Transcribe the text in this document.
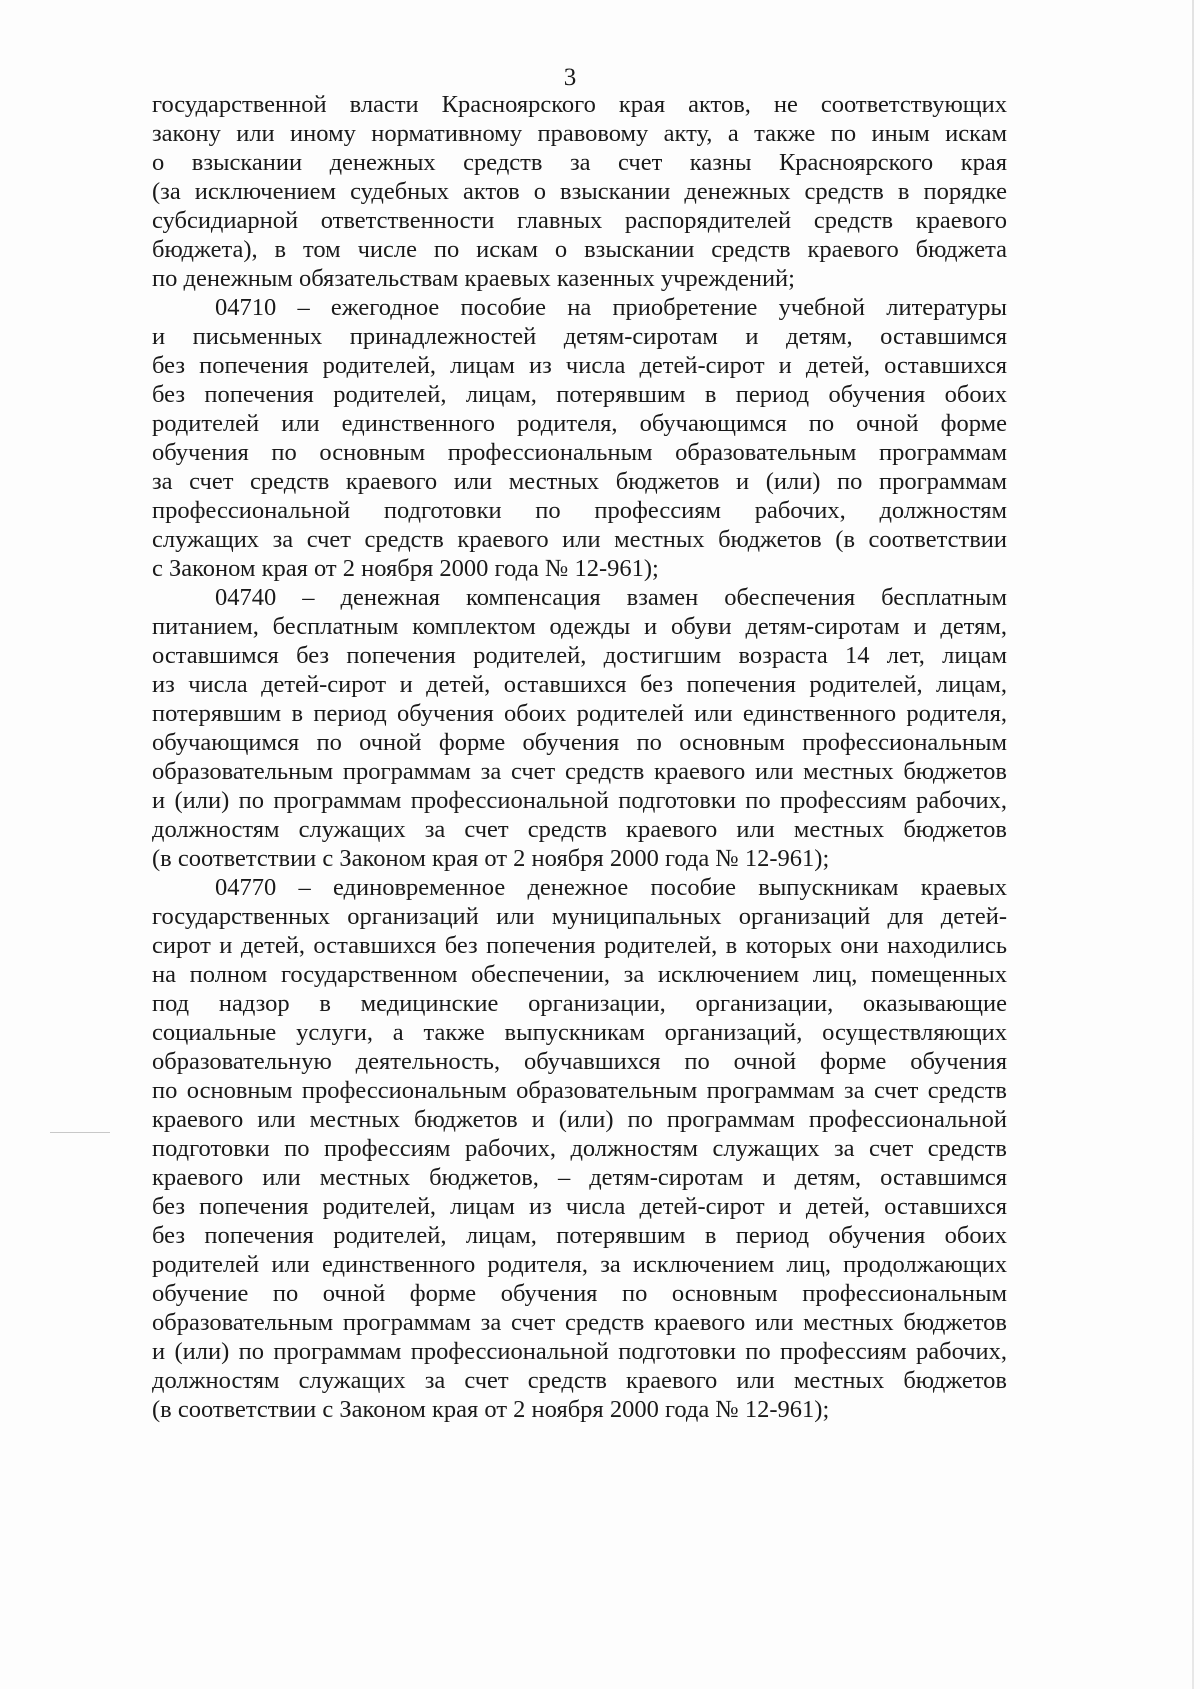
3
государственной власти Красноярского края актов, не соответствующих
закону или иному нормативному правовому акту, а также по иным искам
о взыскании денежных средств за счет казны Красноярского края
(за исключением судебных актов о взыскании денежных средств в порядке
субсидиарной ответственности главных распорядителей средств краевого
бюджета), в том числе по искам о взыскании средств краевого бюджета
по денежным обязательствам краевых казенных учреждений;
04710 – ежегодное пособие на приобретение учебной литературы
и письменных принадлежностей детям-сиротам и детям, оставшимся
без попечения родителей, лицам из числа детей-сирот и детей, оставшихся
без попечения родителей, лицам, потерявшим в период обучения обоих
родителей или единственного родителя, обучающимся по очной форме
обучения по основным профессиональным образовательным программам
за счет средств краевого или местных бюджетов и (или) по программам
профессиональной подготовки по профессиям рабочих, должностям
служащих за счет средств краевого или местных бюджетов (в соответствии
с Законом края от 2 ноября 2000 года № 12-961);
04740 – денежная компенсация взамен обеспечения бесплатным
питанием, бесплатным комплектом одежды и обуви детям-сиротам и детям,
оставшимся без попечения родителей, достигшим возраста 14 лет, лицам
из числа детей-сирот и детей, оставшихся без попечения родителей, лицам,
потерявшим в период обучения обоих родителей или единственного родителя,
обучающимся по очной форме обучения по основным профессиональным
образовательным программам за счет средств краевого или местных бюджетов
и (или) по программам профессиональной подготовки по профессиям рабочих,
должностям служащих за счет средств краевого или местных бюджетов
(в соответствии с Законом края от 2 ноября 2000 года № 12-961);
04770 – единовременное денежное пособие выпускникам краевых
государственных организаций или муниципальных организаций для детей-
сирот и детей, оставшихся без попечения родителей, в которых они находились
на полном государственном обеспечении, за исключением лиц, помещенных
под надзор в медицинские организации, организации, оказывающие
социальные услуги, а также выпускникам организаций, осуществляющих
образовательную деятельность, обучавшихся по очной форме обучения
по основным профессиональным образовательным программам за счет средств
краевого или местных бюджетов и (или) по программам профессиональной
подготовки по профессиям рабочих, должностям служащих за счет средств
краевого или местных бюджетов, – детям-сиротам и детям, оставшимся
без попечения родителей, лицам из числа детей-сирот и детей, оставшихся
без попечения родителей, лицам, потерявшим в период обучения обоих
родителей или единственного родителя, за исключением лиц, продолжающих
обучение по очной форме обучения по основным профессиональным
образовательным программам за счет средств краевого или местных бюджетов
и (или) по программам профессиональной подготовки по профессиям рабочих,
должностям служащих за счет средств краевого или местных бюджетов
(в соответствии с Законом края от 2 ноября 2000 года № 12-961);
